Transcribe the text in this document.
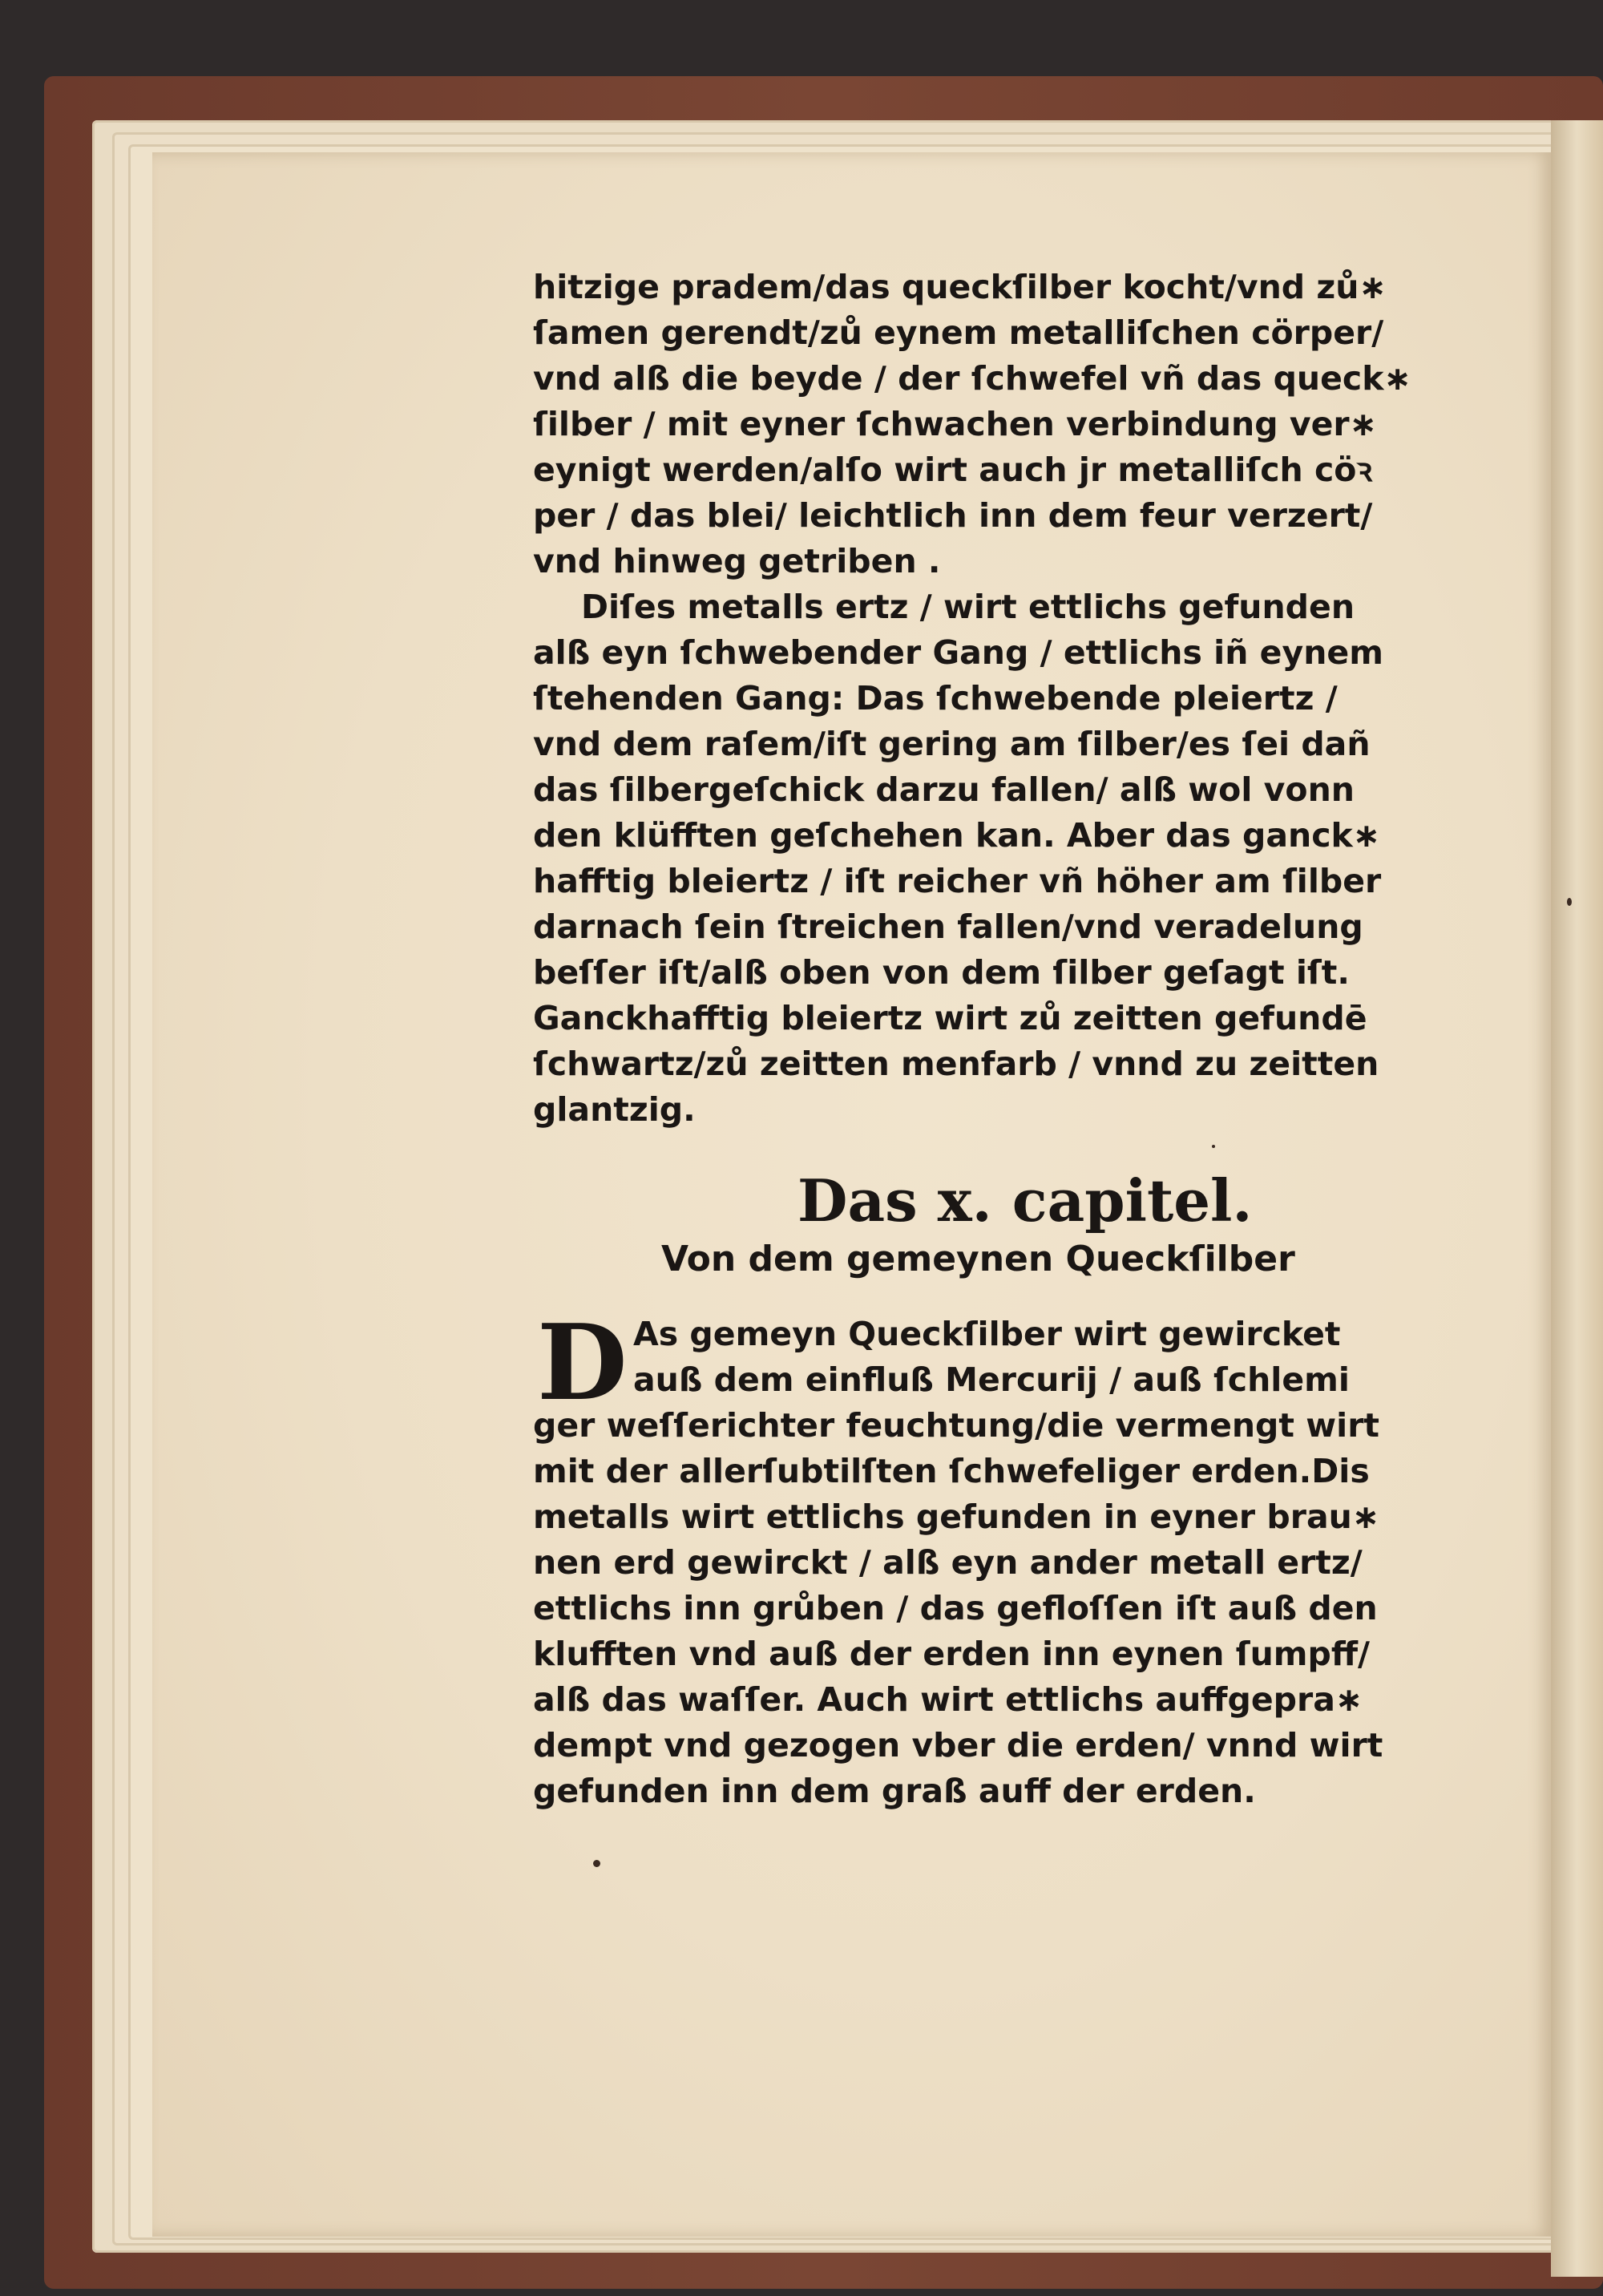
hitzige pradem/das queckſilber kocht/vnd zů∗
ſamen gerendt/zů eynem metalliſchen cörper/
vnd alß die beyde / der ſchwefel vñ das queck∗
ſilber / mit eyner ſchwachen verbindung ver∗
eynigt werden/alſo wirt auch jr metalliſch cöꝛ
per / das blei/ leichtlich inn dem feur verzert/
vnd hinweg getriben .
Diſes metalls ertz / wirt ettlichs gefunden
alß eyn ſchwebender Gang / ettlichs iñ eynem
ſtehenden Gang: Das ſchwebende pleiertz /
vnd dem raſem/iſt gering am ſilber/es ſei dañ
das ſilbergeſchick darzu fallen/ alß wol vonn
den klüfften geſchehen kan. Aber das ganck∗
hafftig bleiertz / iſt reicher vñ höher am ſilber
darnach ſein ſtreichen fallen/vnd veradelung
beſſer iſt/alß oben von dem ſilber geſagt iſt.
Ganckhafftig bleiertz wirt zů zeitten gefundē
ſchwartz/zů zeitten menfarb / vnnd zu zeitten
glantzig.
Das x. capitel.
Von dem gemeynen Queckſilber
D As gemeyn Queckſilber wirt gewircket
auß dem einfluß Mercurij / auß ſchlemi
ger weſſerichter feuchtung/die vermengt wirt
mit der allerſubtilſten ſchwefeliger erden.Dis
metalls wirt ettlichs gefunden in eyner brau∗
nen erd gewirckt / alß eyn ander metall ertz/
ettlichs inn grůben / das gefloſſen iſt auß den
klufften vnd auß der erden inn eynen ſumpff/
alß das waſſer. Auch wirt ettlichs auffgepra∗
dempt vnd gezogen vber die erden/ vnnd wirt
gefunden inn dem graß auff der erden.
